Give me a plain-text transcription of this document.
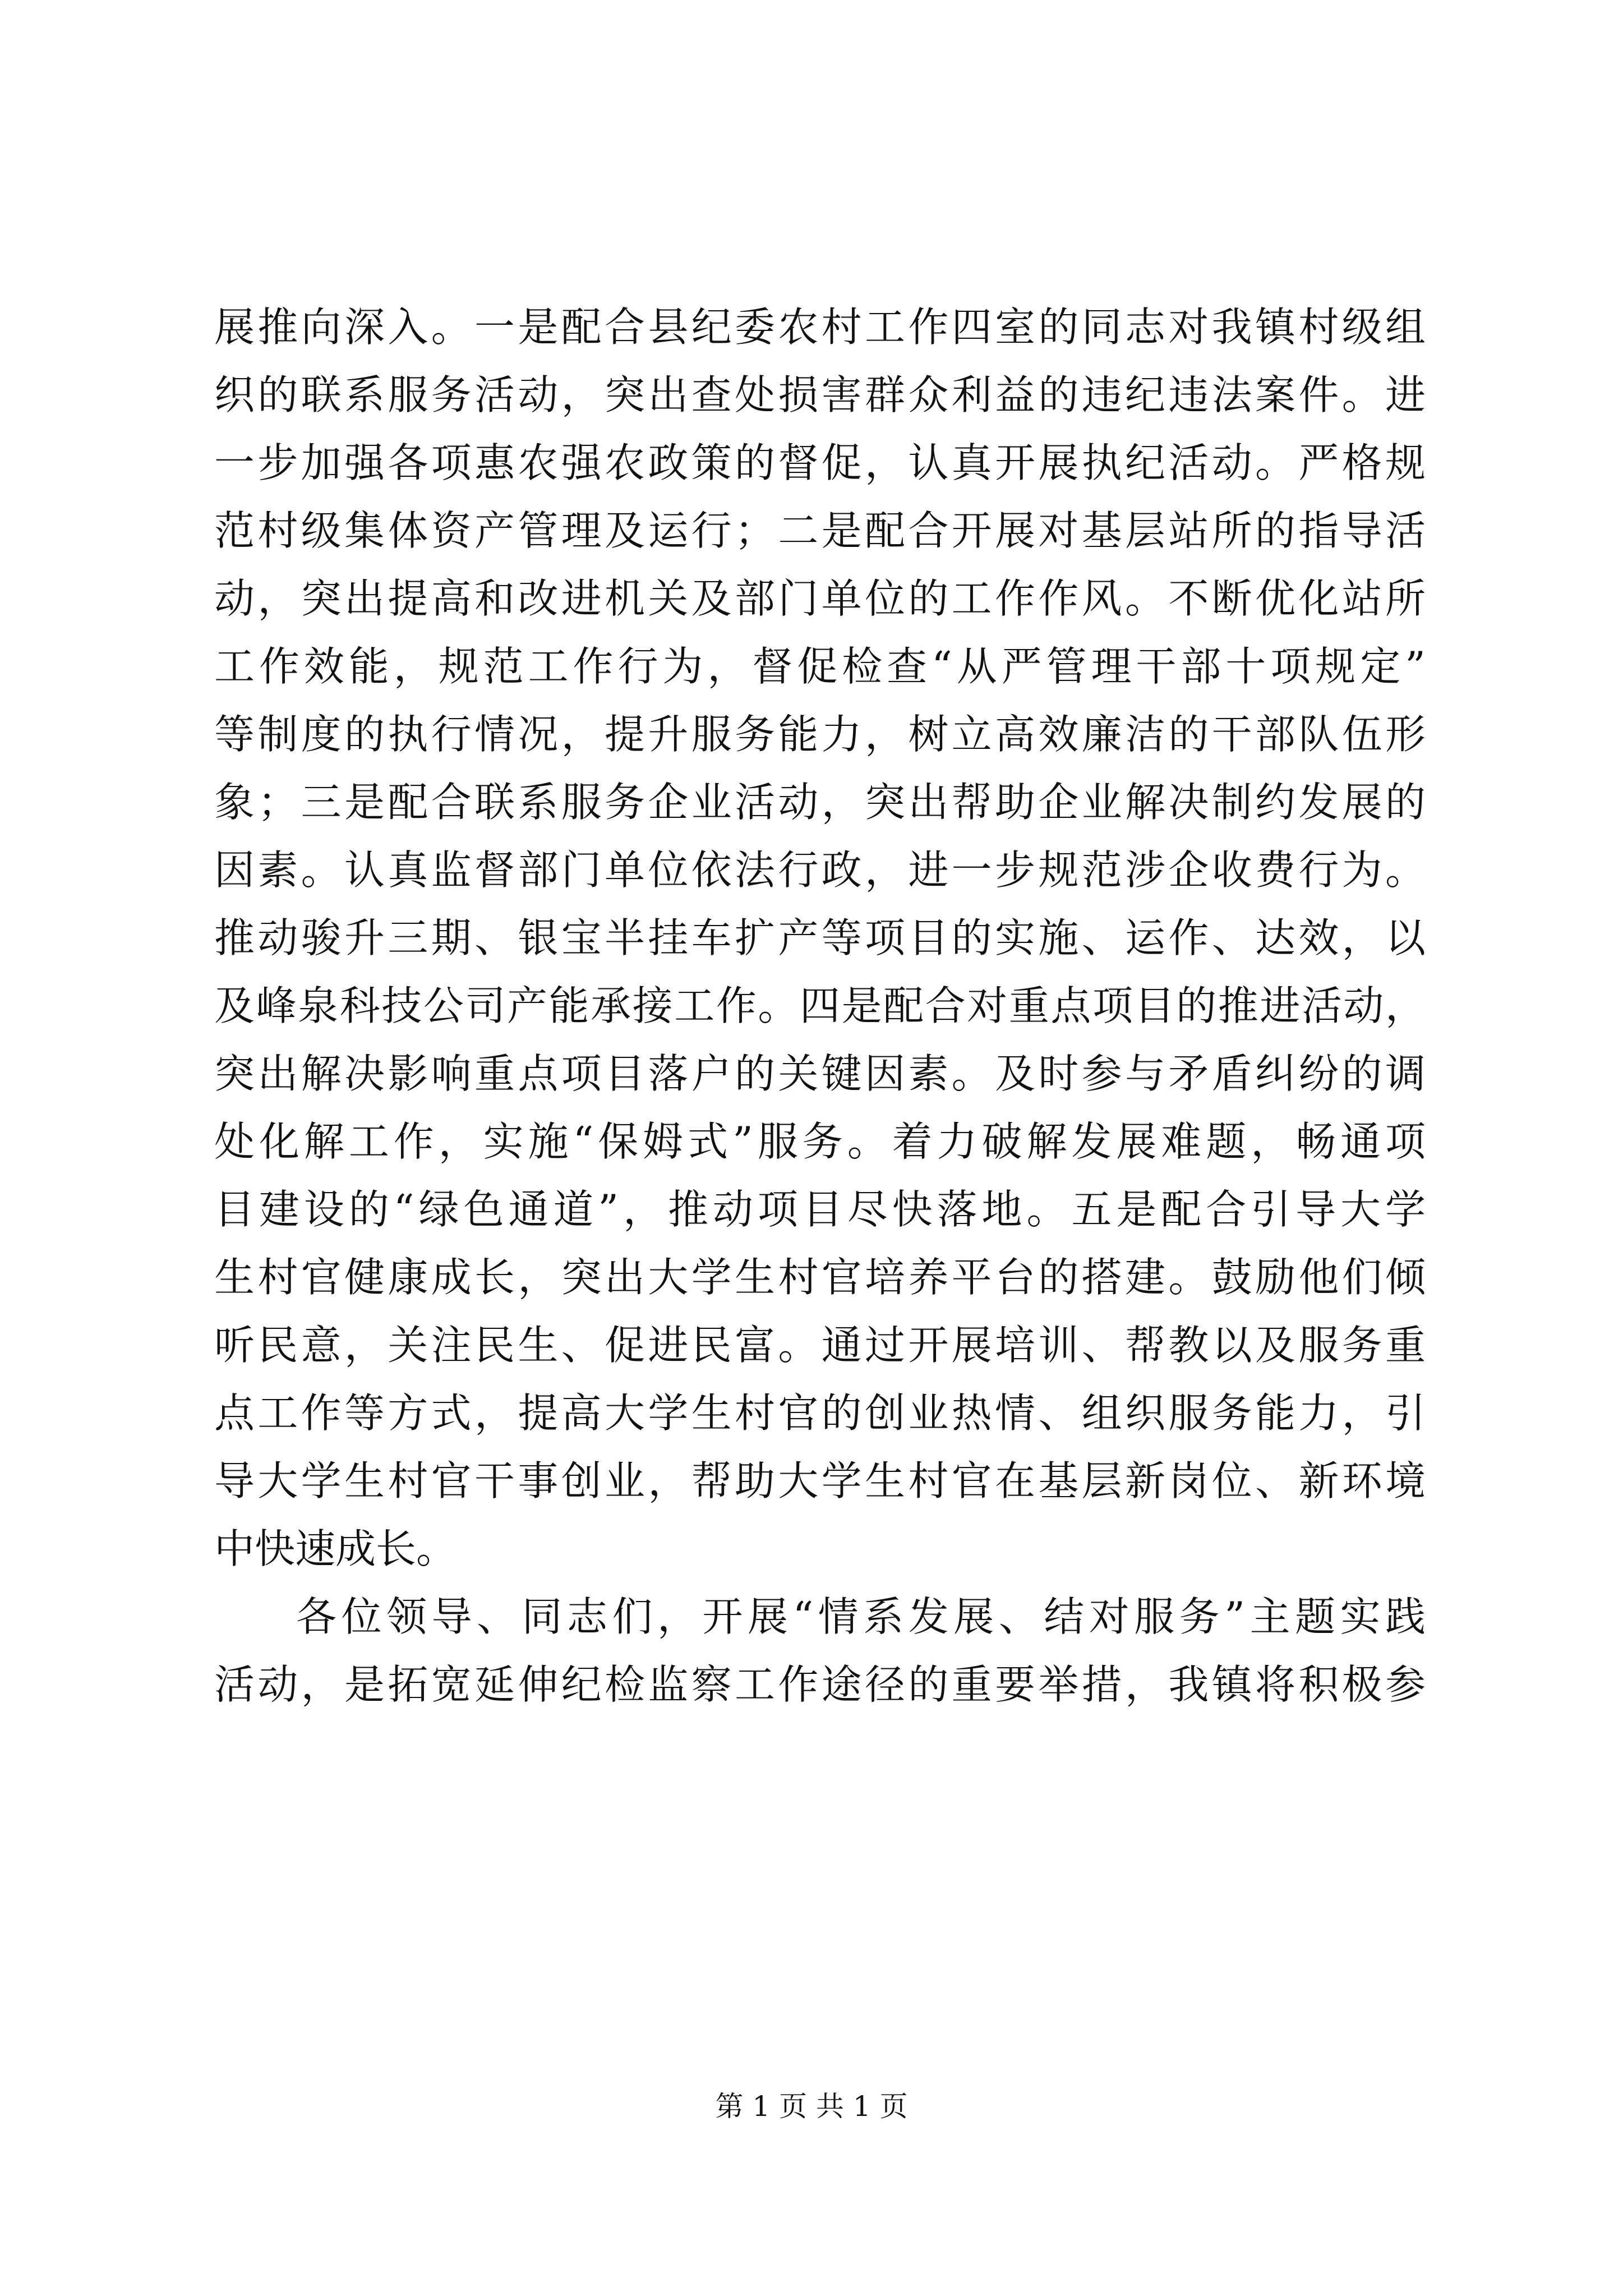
展推向深入。一是配合县纪委农村工作四室的同志对我镇村级组
织的联系服务活动，突出查处损害群众利益的违纪违法案件。进
一步加强各项惠农强农政策的督促，认真开展执纪活动。严格规
范村级集体资产管理及运行；二是配合开展对基层站所的指导活
动，突出提高和改进机关及部门单位的工作作风。不断优化站所
工作效能，规范工作行为，督促检查“从严管理干部十项规定”
等制度的执行情况，提升服务能力，树立高效廉洁的干部队伍形
象；三是配合联系服务企业活动，突出帮助企业解决制约发展的
因素。认真监督部门单位依法行政，进一步规范涉企收费行为。
推动骏升三期、银宝半挂车扩产等项目的实施、运作、达效，以
及峰泉科技公司产能承接工作。四是配合对重点项目的推进活动，
突出解决影响重点项目落户的关键因素。及时参与矛盾纠纷的调
处化解工作，实施“保姆式”服务。着力破解发展难题，畅通项
目建设的“绿色通道”，推动项目尽快落地。五是配合引导大学
生村官健康成长，突出大学生村官培养平台的搭建。鼓励他们倾
听民意，关注民生、促进民富。通过开展培训、帮教以及服务重
点工作等方式，提高大学生村官的创业热情、组织服务能力，引
导大学生村官干事创业，帮助大学生村官在基层新岗位、新环境
中快速成长。
各位领导、同志们，开展“情系发展、结对服务”主题实践
活动，是拓宽延伸纪检监察工作途径的重要举措，我镇将积极参
第 1 页 共 1 页
